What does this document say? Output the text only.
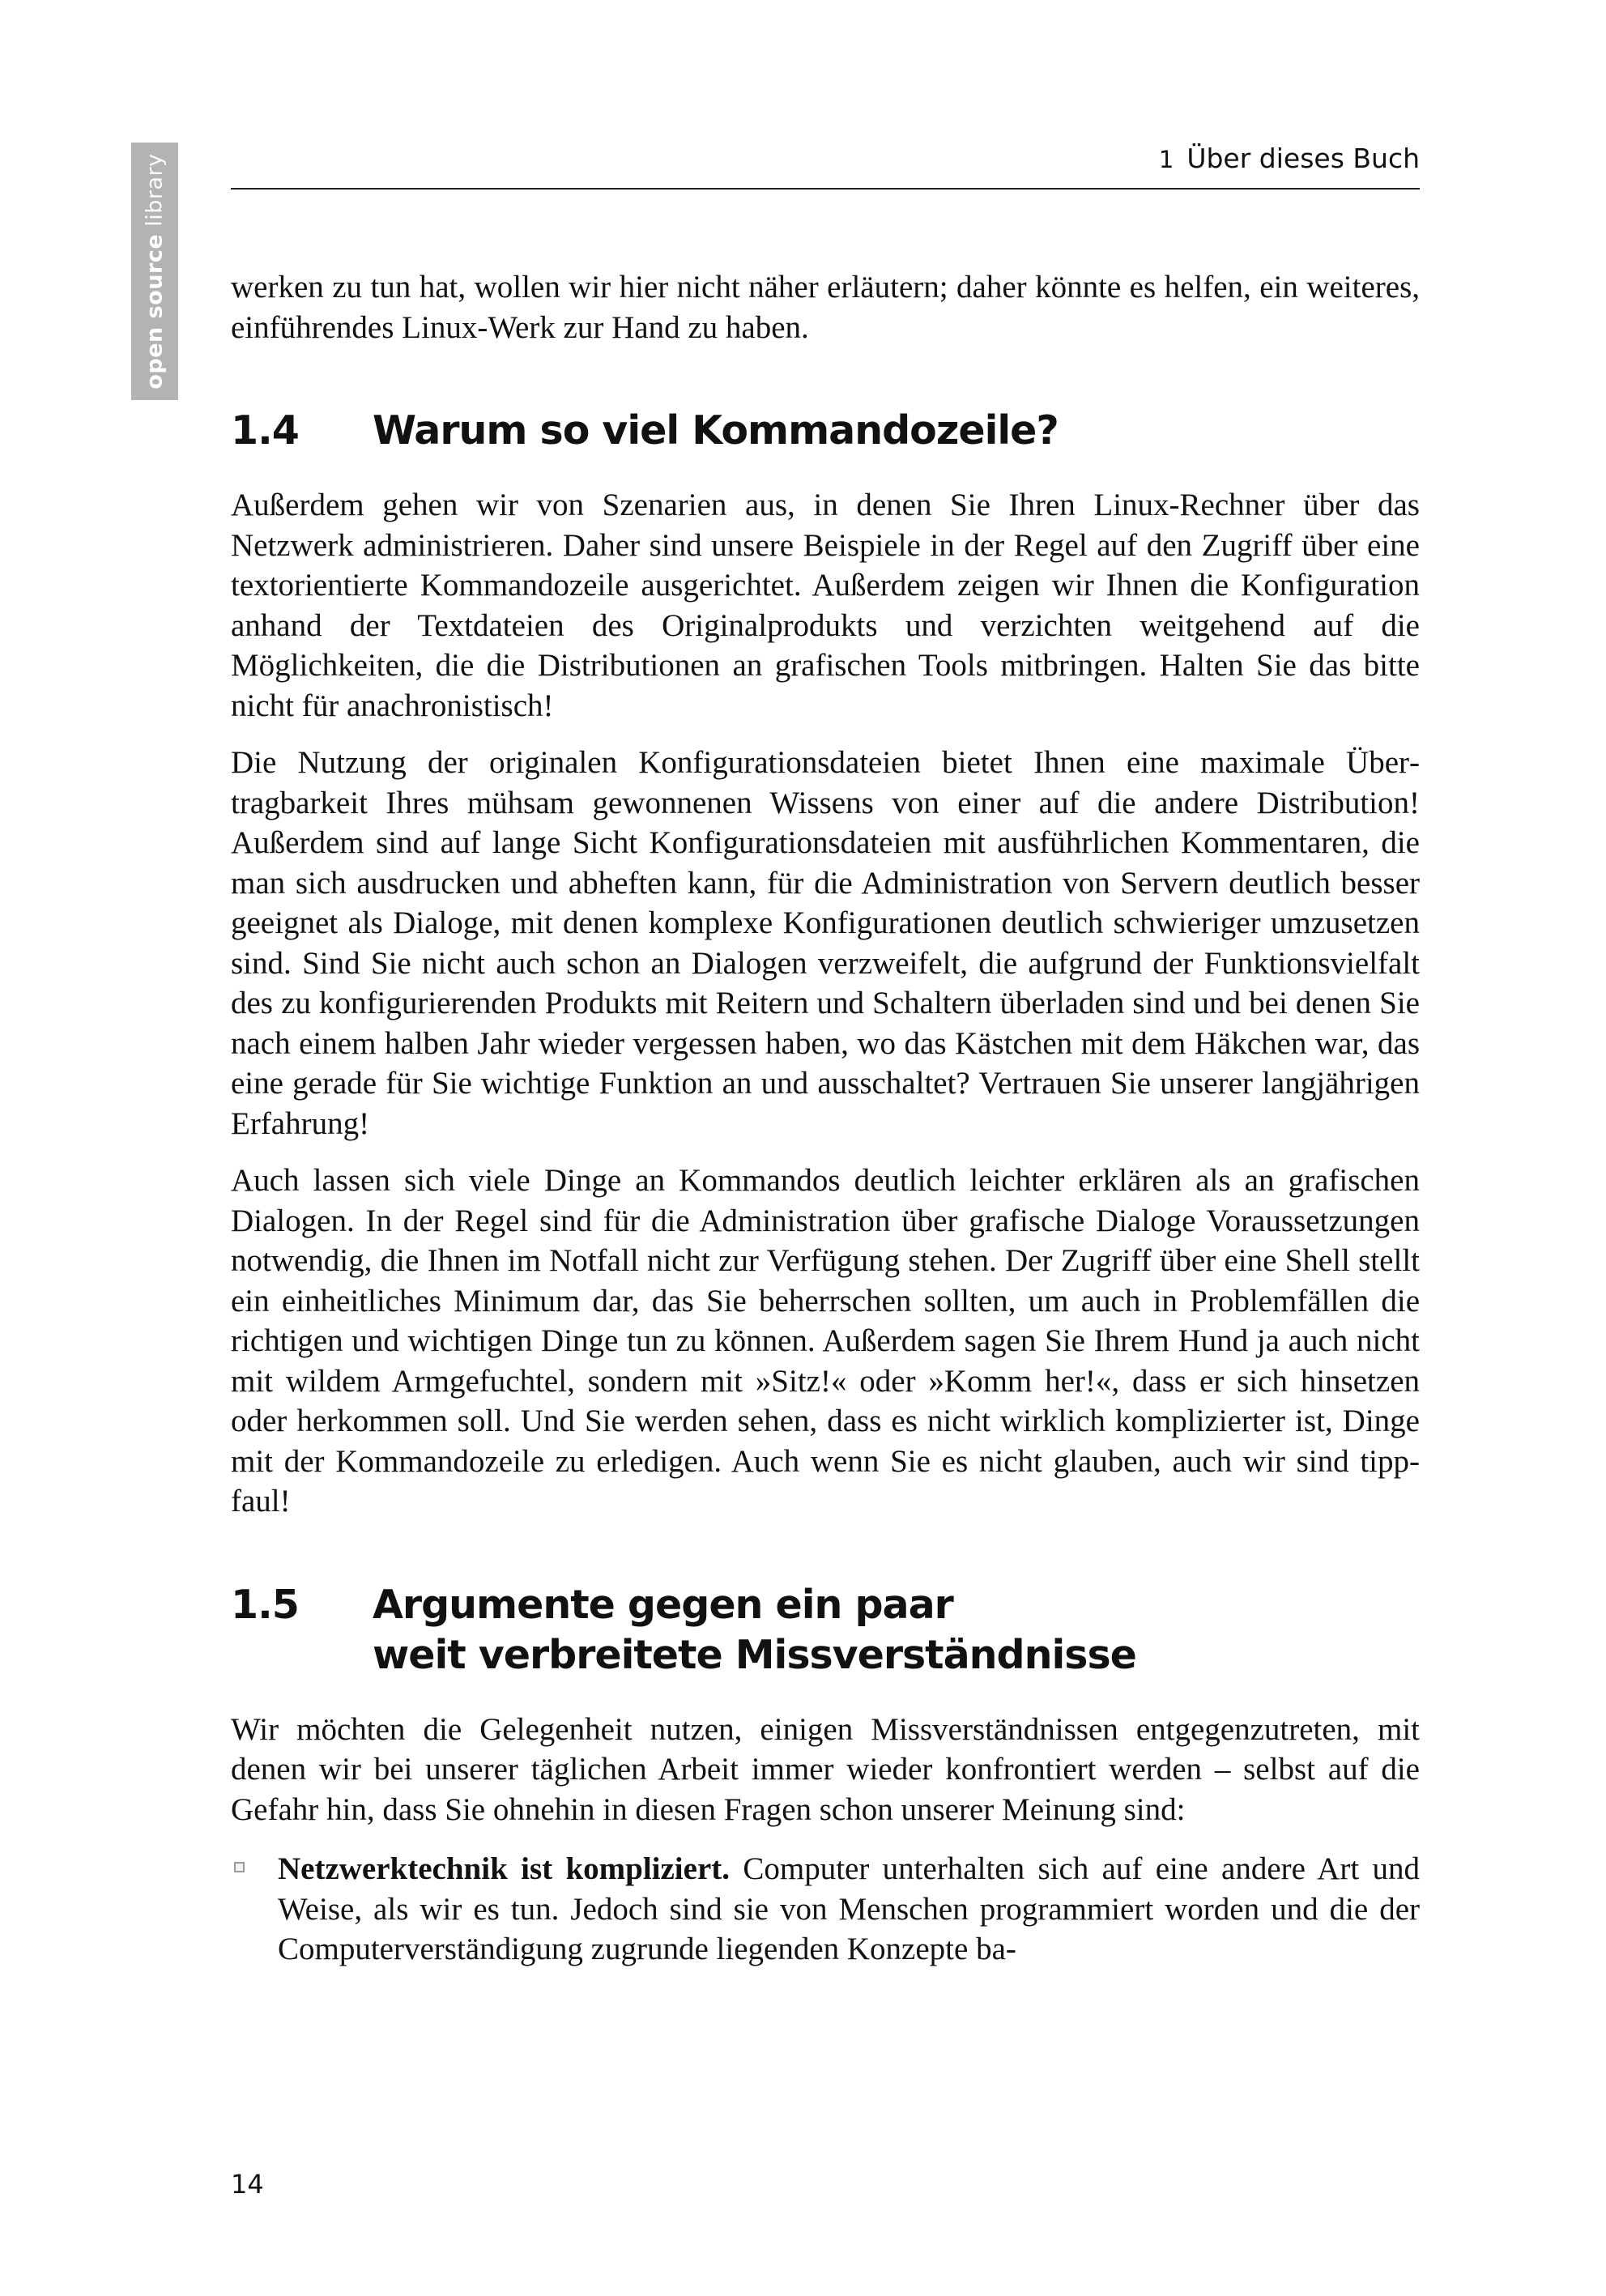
open source library	1 Über dieses Buch

werken zu tun hat, wollen wir hier nicht näher erläutern; daher könnte es helfen, ein weiteres, einführendes Linux-Werk zur Hand zu haben.

1.4	Warum so viel Kommandozeile?

Außerdem gehen wir von Szenarien aus, in denen Sie Ihren Linux-Rechner über das Netzwerk administrieren. Daher sind unsere Beispiele in der Regel auf den Zugriff über eine textorientierte Kommandozeile ausgerichtet. Außerdem zeigen wir Ihnen die Konfiguration anhand der Textdateien des Originalprodukts und verzichten weitgehend auf die Möglichkeiten, die die Distributionen an grafischen Tools mitbringen. Halten Sie das bitte nicht für anachronistisch!

Die Nutzung der originalen Konfigurationsdateien bietet Ihnen eine maximale Übertragbarkeit Ihres mühsam gewonnenen Wissens von einer auf die andere Distribution! Außerdem sind auf lange Sicht Konfigurationsdateien mit ausführlichen Kommentaren, die man sich ausdrucken und abheften kann, für die Administration von Servern deutlich besser geeignet als Dialoge, mit denen komplexe Konfigurationen deutlich schwieriger umzusetzen sind. Sind Sie nicht auch schon an Dialogen verzweifelt, die aufgrund der Funktionsvielfalt des zu konfigurierenden Produkts mit Reitern und Schaltern überladen sind und bei denen Sie nach einem halben Jahr wieder vergessen haben, wo das Kästchen mit dem Häkchen war, das eine gerade für Sie wichtige Funktion an und ausschaltet? Vertrauen Sie unserer langjährigen Erfahrung!

Auch lassen sich viele Dinge an Kommandos deutlich leichter erklären als an grafischen Dialogen. In der Regel sind für die Administration über grafische Dialoge Voraussetzungen notwendig, die Ihnen im Notfall nicht zur Verfügung stehen. Der Zugriff über eine Shell stellt ein einheitliches Minimum dar, das Sie beherrschen sollten, um auch in Problemfällen die richtigen und wichtigen Dinge tun zu können. Außerdem sagen Sie Ihrem Hund ja auch nicht mit wildem Armgefuchtel, sondern mit »Sitz!« oder »Komm her!«, dass er sich hinsetzen oder herkommen soll. Und Sie werden sehen, dass es nicht wirklich komplizierter ist, Dinge mit der Kommandozeile zu erledigen. Auch wenn Sie es nicht glauben, auch wir sind tippfaul!

1.5	Argumente gegen ein paar
weit verbreitete Missverständnisse

Wir möchten die Gelegenheit nutzen, einigen Missverständnissen entgegenzutreten, mit denen wir bei unserer täglichen Arbeit immer wieder konfrontiert werden – selbst auf die Gefahr hin, dass Sie ohnehin in diesen Fragen schon unserer Meinung sind:

Netzwerktechnik ist kompliziert. Computer unterhalten sich auf eine andere Art und Weise, als wir es tun. Jedoch sind sie von Menschen programmiert worden und die der Computerverständigung zugrunde liegenden Konzepte ba-
14
